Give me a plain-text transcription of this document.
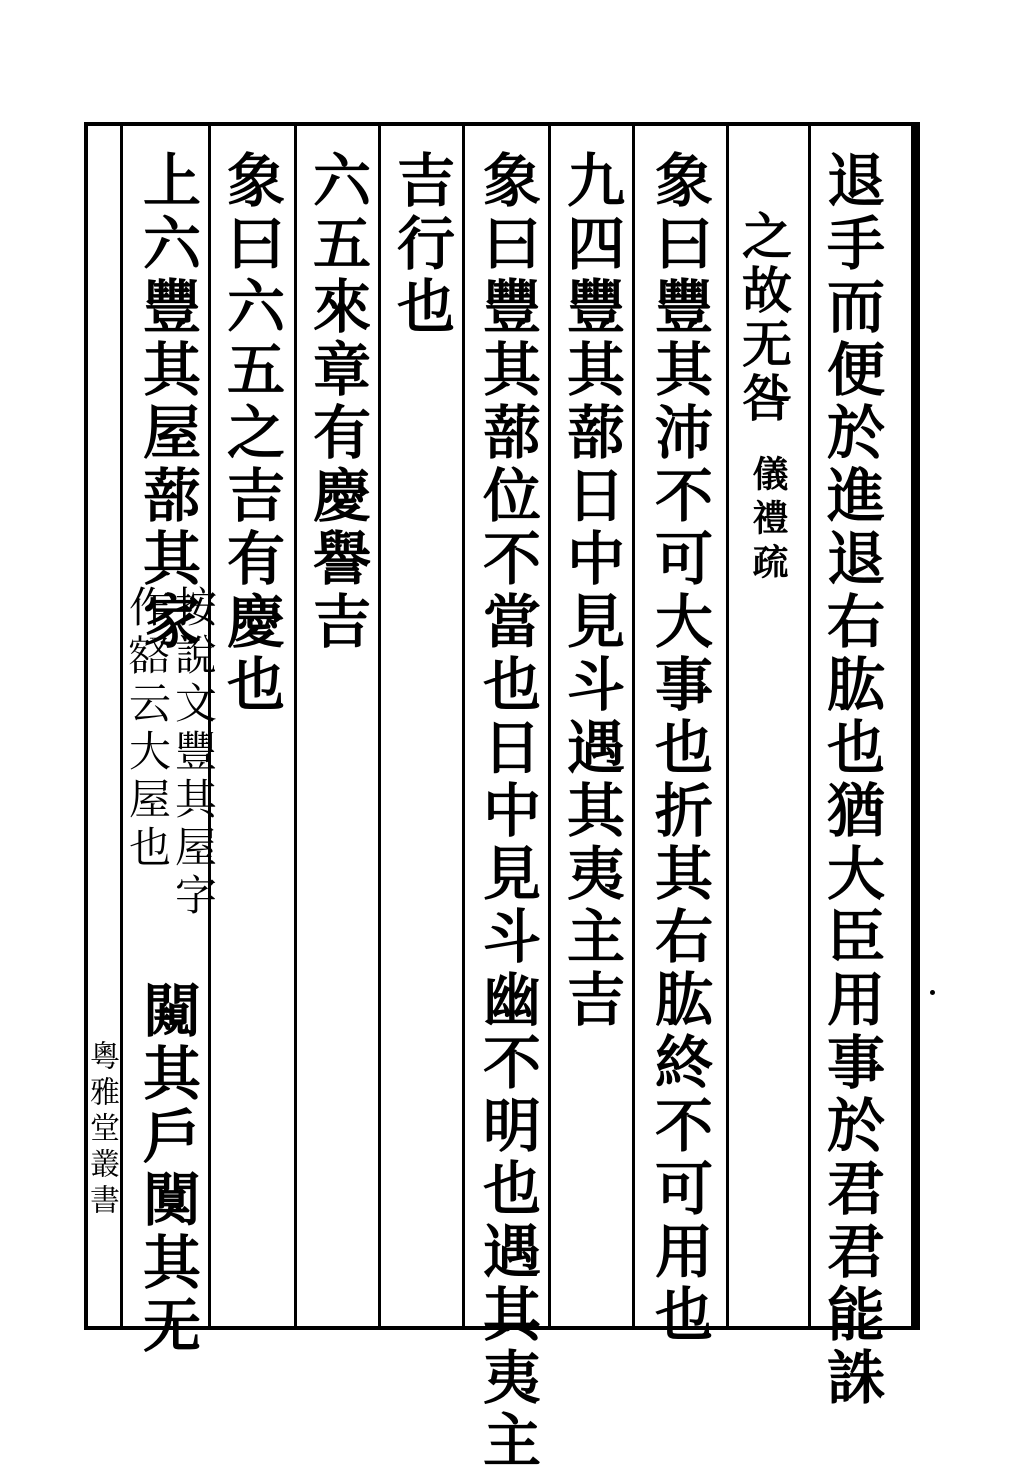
退手而便於進退右肱也猶大臣用事於君君能誅
之故无咎
儀禮疏
象曰豐其沛不可大事也折其右肱終不可用也
九四豐其蔀日中見斗遇其夷主吉
象曰豐其蔀位不當也日中見斗幽不明也遇其夷主
吉行也
六五來章有慶譽吉
象曰六五之吉有慶也
上六豐其屋蔀其家
按說文豐其屋字
作𡪞云大屋也
闚其戶闃其无
粵雅堂叢書
